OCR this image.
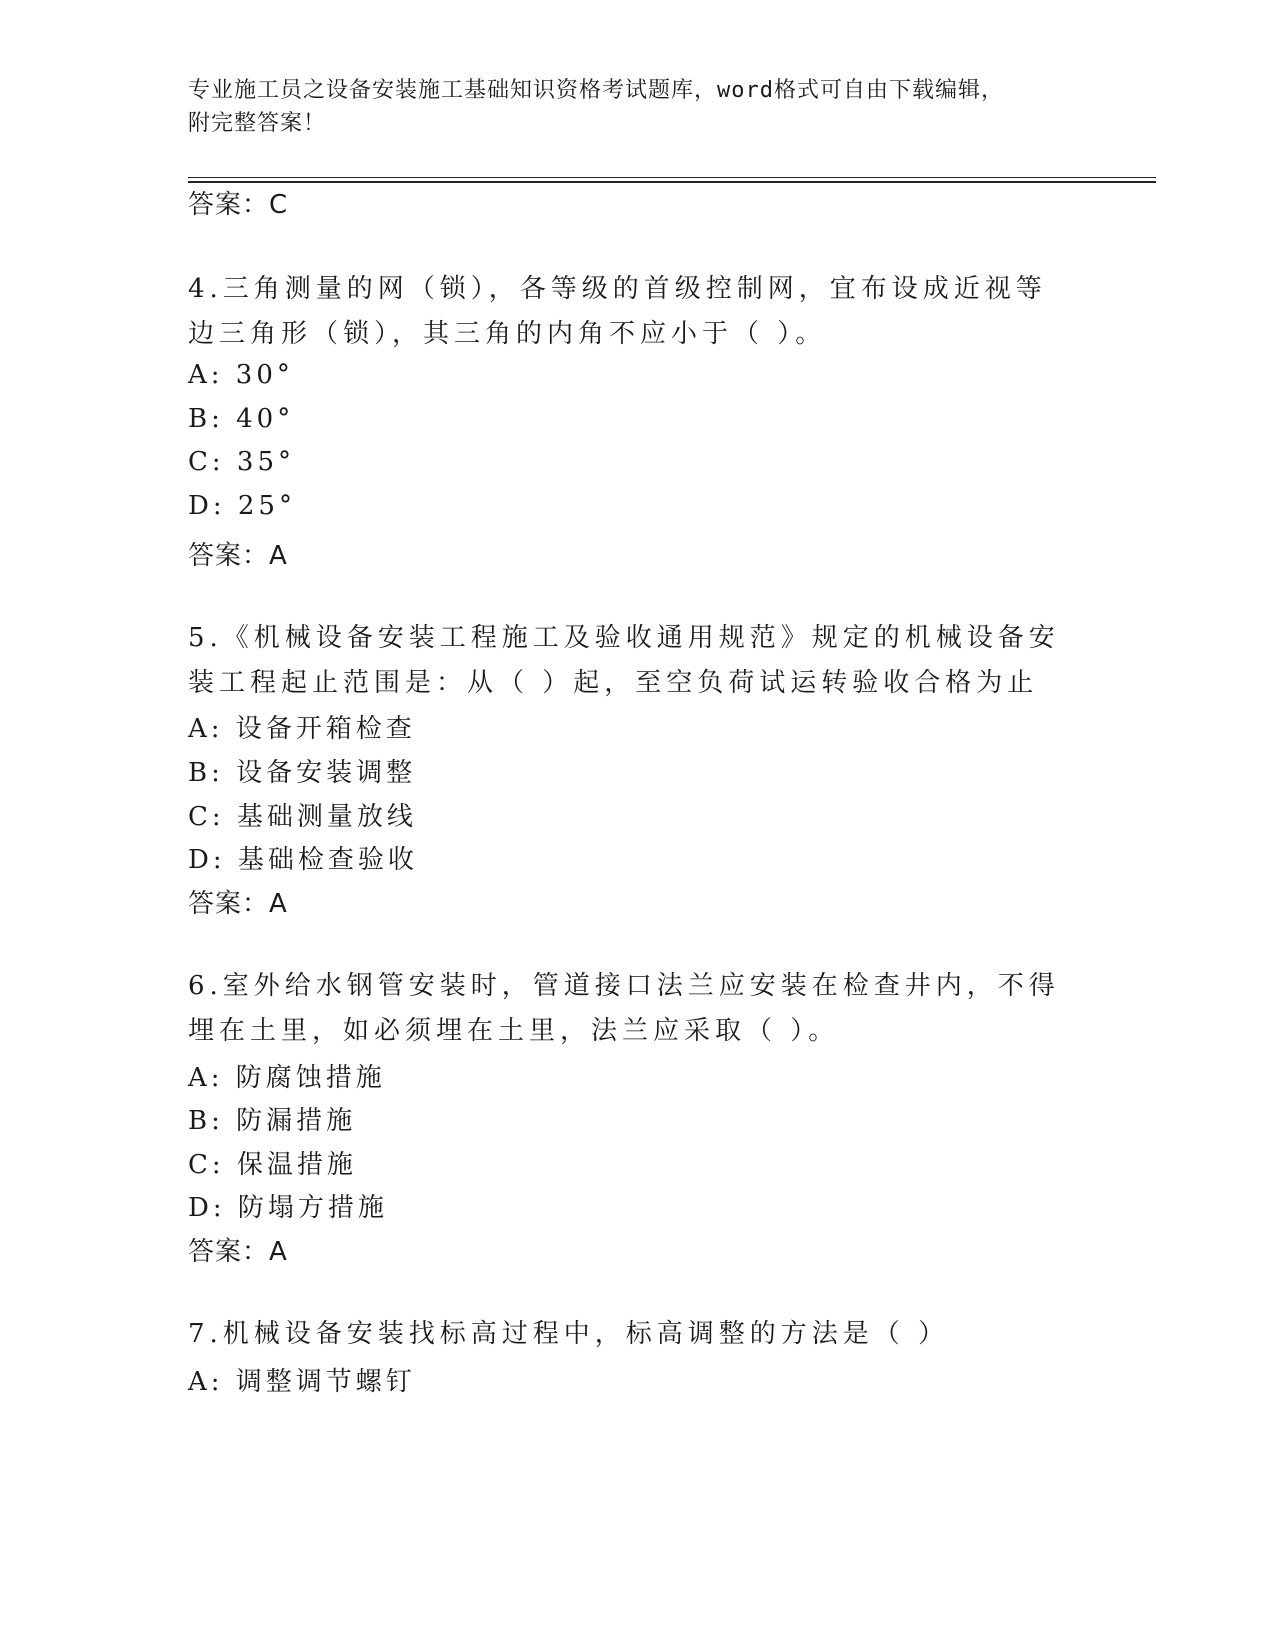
专业施工员之设备安装施工基础知识资格考试题库，word格式可自由下载编辑，
附完整答案！
答案：C
4.三角测量的网（锁），各等级的首级控制网，宜布设成近视等边三角形（锁），其三角的内角不应小于（ ）。
A: 30°
B: 40°
C: 35°
D: 25°
答案：A
5.《机械设备安装工程施工及验收通用规范》规定的机械设备安装工程起止范围是：从（ ）起，至空负荷试运转验收合格为止
A: 设备开箱检查
B: 设备安装调整
C: 基础测量放线
D: 基础检查验收
答案：A
6.室外给水钢管安装时，管道接口法兰应安装在检查井内，不得埋在土里，如必须埋在土里，法兰应采取（ ）。
A: 防腐蚀措施
B: 防漏措施
C: 保温措施
D: 防塌方措施
答案：A
7.机械设备安装找标高过程中，标高调整的方法是（ ）
A: 调整调节螺钉
